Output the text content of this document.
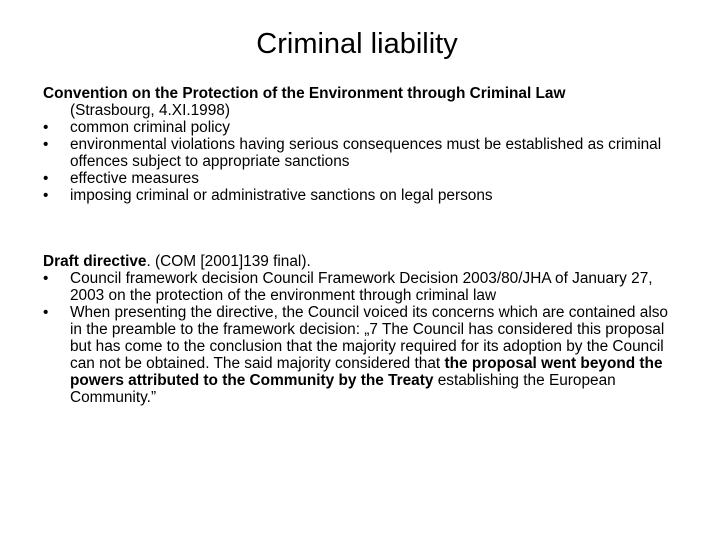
Criminal liability

Convention on the Protection of the Environment through Criminal Law

(Strasbourg, 4.XI.1998)

•	common criminal policy
•	environmental violations having serious consequences must be established as criminal offences subject to appropriate sanctions
•	effective measures
•	imposing criminal or administrative sanctions on legal persons

Draft directive. (COM [2001]139 final).

•	Council framework decision Council Framework Decision 2003/80/JHA of January 27, 2003 on the protection of the environment through criminal law
•	When presenting the directive, the Council voiced its concerns which are contained also in the preamble to the framework decision: „7 The Council has considered this proposal but has come to the conclusion that the majority required for its adoption by the Council can not be obtained. The said majority considered that the proposal went beyond the powers attributed to the Community by the Treaty establishing the European Community.”
